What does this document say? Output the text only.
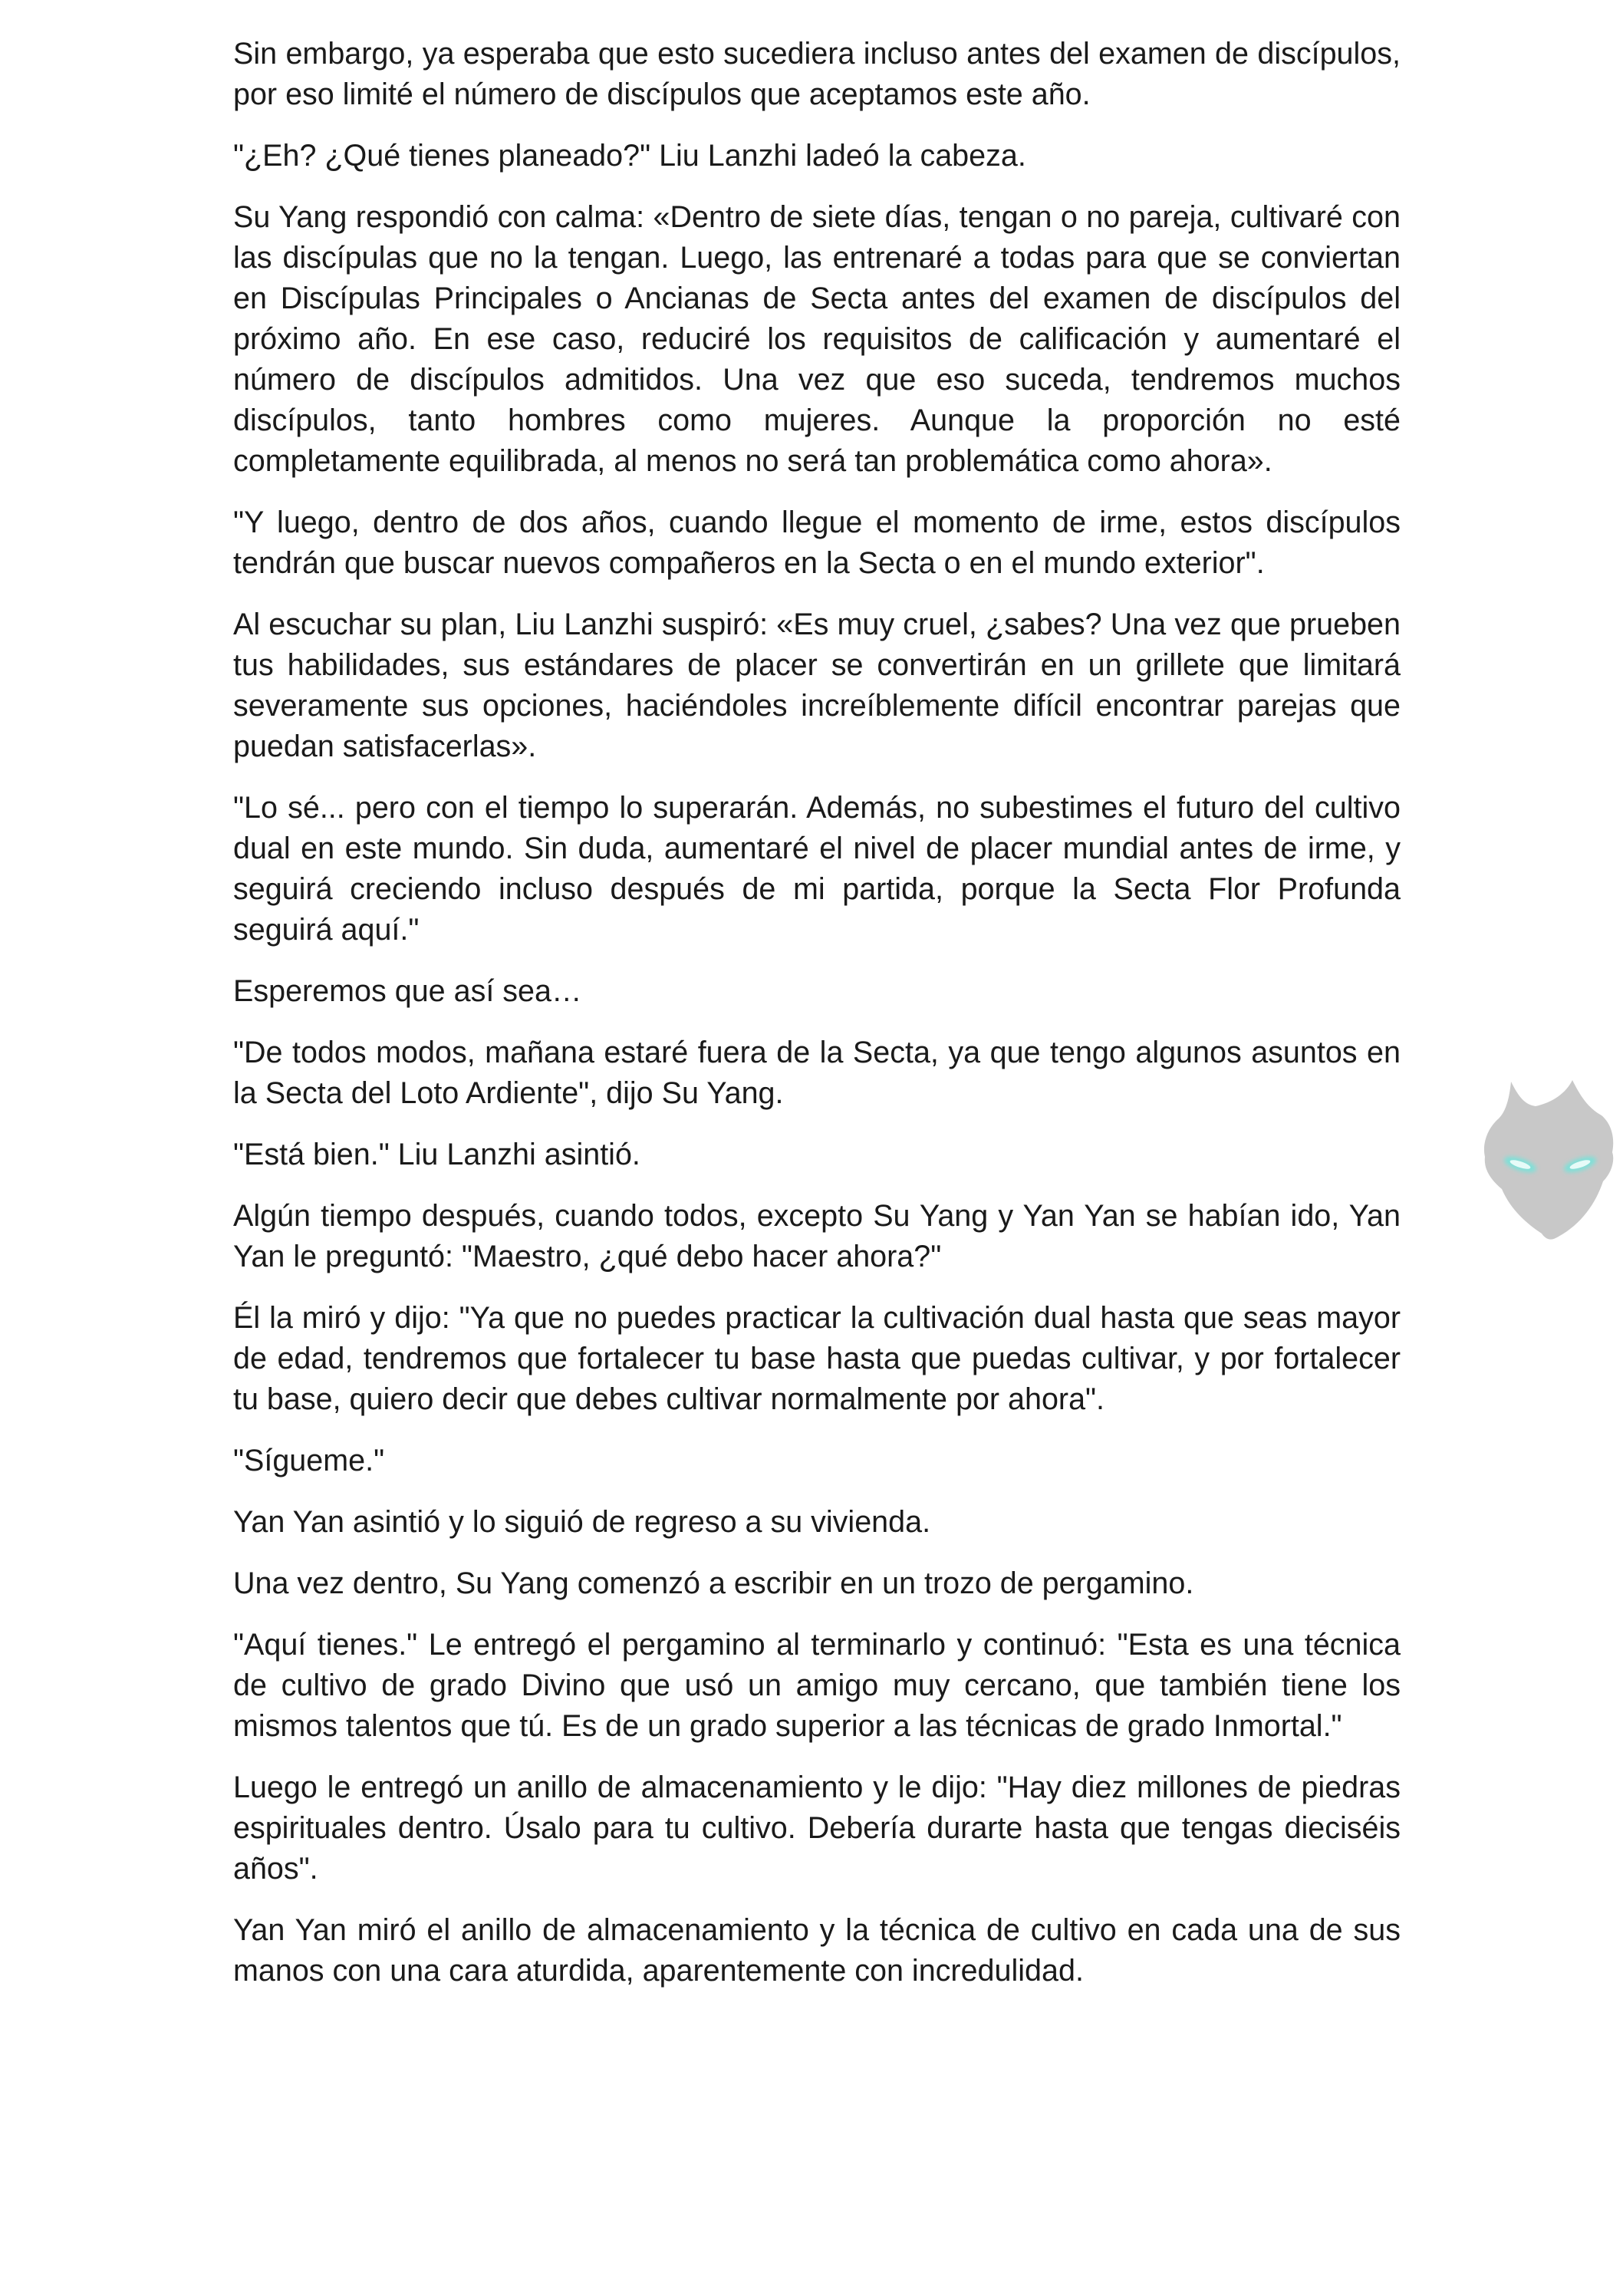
Sin embargo, ya esperaba que esto sucediera incluso antes del examen de discípulos, por eso limité el número de discípulos que aceptamos este año.

"¿Eh? ¿Qué tienes planeado?" Liu Lanzhi ladeó la cabeza.

Su Yang respondió con calma: «Dentro de siete días, tengan o no pareja, cultivaré con las discípulas que no la tengan. Luego, las entrenaré a todas para que se conviertan en Discípulas Principales o Ancianas de Secta antes del examen de discípulos del próximo año. En ese caso, reduciré los requisitos de calificación y aumentaré el número de discípulos admitidos. Una vez que eso suceda, tendremos muchos discípulos, tanto hombres como mujeres. Aunque la proporción no esté completamente equilibrada, al menos no será tan problemática como ahora».

"Y luego, dentro de dos años, cuando llegue el momento de irme, estos discípulos tendrán que buscar nuevos compañeros en la Secta o en el mundo exterior".

Al escuchar su plan, Liu Lanzhi suspiró: «Es muy cruel, ¿sabes? Una vez que prueben tus habilidades, sus estándares de placer se convertirán en un grillete que limitará severamente sus opciones, haciéndoles increíblemente difícil encontrar parejas que puedan satisfacerlas».

"Lo sé... pero con el tiempo lo superarán. Además, no subestimes el futuro del cultivo dual en este mundo. Sin duda, aumentaré el nivel de placer mundial antes de irme, y seguirá creciendo incluso después de mi partida, porque la Secta Flor Profunda seguirá aquí."

Esperemos que así sea…

"De todos modos, mañana estaré fuera de la Secta, ya que tengo algunos asuntos en la Secta del Loto Ardiente", dijo Su Yang.

"Está bien." Liu Lanzhi asintió.

Algún tiempo después, cuando todos, excepto Su Yang y Yan Yan se habían ido, Yan Yan le preguntó: "Maestro, ¿qué debo hacer ahora?"

Él la miró y dijo: "Ya que no puedes practicar la cultivación dual hasta que seas mayor de edad, tendremos que fortalecer tu base hasta que puedas cultivar, y por fortalecer tu base, quiero decir que debes cultivar normalmente por ahora".

"Sígueme."

Yan Yan asintió y lo siguió de regreso a su vivienda.

Una vez dentro, Su Yang comenzó a escribir en un trozo de pergamino.

"Aquí tienes." Le entregó el pergamino al terminarlo y continuó: "Esta es una técnica de cultivo de grado Divino que usó un amigo muy cercano, que también tiene los mismos talentos que tú. Es de un grado superior a las técnicas de grado Inmortal."

Luego le entregó un anillo de almacenamiento y le dijo: "Hay diez millones de piedras espirituales dentro. Úsalo para tu cultivo. Debería durarte hasta que tengas dieciséis años".

Yan Yan miró el anillo de almacenamiento y la técnica de cultivo en cada una de sus manos con una cara aturdida, aparentemente con incredulidad.
